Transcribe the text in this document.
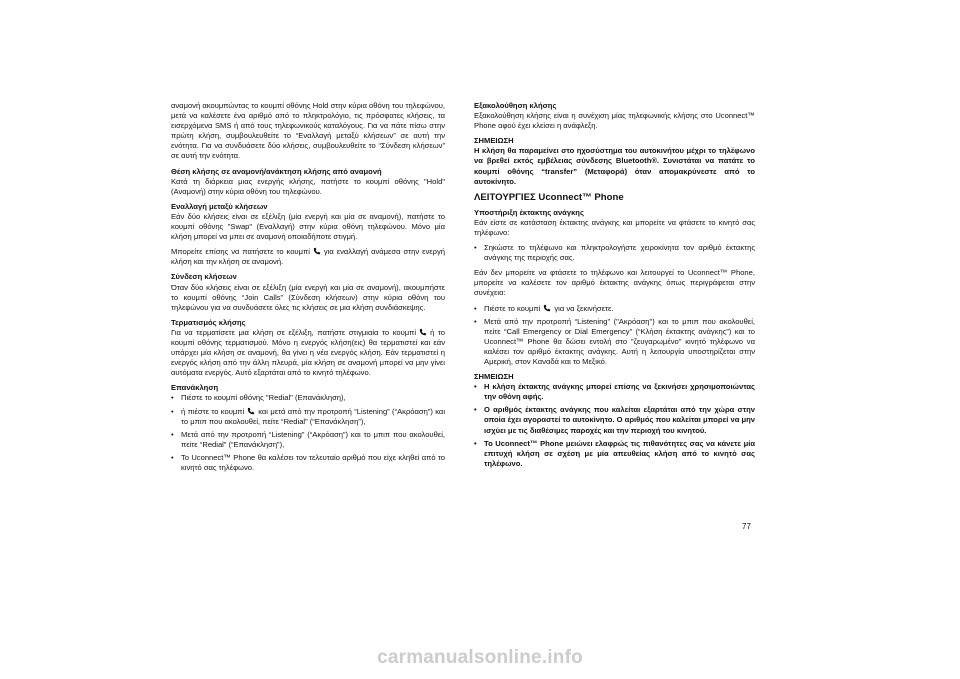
αναμονή ακουμπώντας το κουμπί οθόνης Hold στην κύρια οθόνη του τηλεφώνου, μετά να καλέσετε ένα αριθμό από το πληκτρολόγιο, τις πρόσφατες κλήσεις, τα εισερχόμενα SMS ή από τους τηλεφωνικούς καταλόγους. Για να πάτε πίσω στην πρώτη κλήση, συμβουλευθείτε το “Εναλλαγή μεταξύ κλήσεων” σε αυτή την ενότητα. Για να συνδυάσετε δύο κλήσεις, συμβουλευθείτε το “Σύνδεση κλήσεων” σε αυτή την ενότητα.

Θέση κλήσης σε αναμονή/ανάκτηση κλήσης από αναμονή

Κατά τη διάρκεια μιας ενεργής κλήσης, πατήστε το κουμπί οθόνης "Hold" (Αναμονή) στην κύρια οθόνη του τηλεφώνου.

Εναλλαγή μεταξύ κλήσεων

Εάν δύο κλήσεις είναι σε εξέλιξη (μία ενεργή και μία σε αναμονή), πατήστε το κουμπί οθόνης "Swap" (Εναλλαγή) στην κύρια οθόνη τηλεφώνου. Μόνο μία κλήση μπορεί να μπει σε αναμονή οποιαδήποτε στιγμή.

Μπορείτε επίσης να πατήσετε το κουμπί για εναλλαγή ανάμεσα στην ενεργή κλήση και την κλήση σε αναμονή.

Σύνδεση κλήσεων

Όταν δύο κλήσεις είναι σε εξέλιξη (μία ενεργή και μία σε αναμονή), ακουμπήστε το κουμπί οθόνης “Join Calls” (Σύνδεση κλήσεων) στην κύρια οθόνη του τηλεφώνου για να συνδυάσετε όλες τις κλήσεις σε μια κλήση συνδιάσκεψης.

Τερματισμός κλήσης

Για να τερματίσετε μια κλήση σε εξέλιξη, πατήστε στιγμιαία το κουμπί ή το κουμπί οθόνης τερματισμού. Μόνο η ενεργός κλήση(εις) θα τερματιστεί και εάν υπάρχει μία κλήση σε αναμονή, θα γίνει η νέα ενεργός κλήση. Εάν τερματιστεί η ενεργός κλήση από την άλλη πλευρά, μία κλήση σε αναμονή μπορεί να μην γίνει αυτόματα ενεργός. Αυτό εξαρτάται από το κινητό τηλέφωνο.

Επανάκληση
• Πιέστε το κουμπί οθόνης "Redial" (Επανάκληση),
• ή πιέστε το κουμπί και μετά από την προτροπή “Listening” (“Ακρόαση”) και το μπιπ που ακολουθεί, πείτε “Redial” (“Επανάκληση”),
• Μετά από την προτροπή “Listening” (“Ακρόαση”) και το μπιπ που ακολουθεί, πείτε “Redial” (“Επανάκληση”),
• Το Uconnect™ Phone θα καλέσει τον τελευταίο αριθμό που είχε κληθεί από το κινητό σας τηλέφωνο.
Εξακολούθηση κλήσης

Εξακολούθηση κλήσης είναι η συνέχιση μίας τηλεφωνικής κλήσης στο Uconnect™ Phone αφού έχει κλείσει η ανάφλεξη.

ΣΗΜΕΙΩΣΗ

Η κλήση θα παραμείνει στο ηχοσύστημα του αυτοκινήτου μέχρι το τηλέφωνο να βρεθεί εκτός εμβέλειας σύνδεσης Bluetooth®. Συνιστάται να πατάτε το κουμπί οθόνης “transfer” (Μεταφορά) όταν απομακρύνεστε από το αυτοκίνητο.

ΛΕΙΤΟΥΡΓΙΕΣ Uconnect™ Phone
Υποστήριξη έκτακτης ανάγκης

Εάν είστε σε κατάσταση έκτακτης ανάγκης και μπορείτε να φτάσετε το κινητό σας τηλέφωνο:

• Σηκώστε το τηλέφωνο και πληκτρολογήστε χειροκίνητα τον αριθμό έκτακτης ανάγκης της περιοχής σας.

Εάν δεν μπορείτε να φτάσετε το τηλέφωνο και λειτουργεί το Uconnect™ Phone, μπορείτε να καλέσετε τον αριθμό έκτακτης ανάγκης όπως περιγράφεται στην συνέχεια:

• Πιέστε το κουμπί για να ξεκινήσετε.
• Μετά από την προτροπή “Listening” ("Ακρόαση") και το μπιπ που ακολουθεί, πείτε “Call Emergency or Dial Emergency” (“Κλήση έκτακτης ανάγκης”) και το Uconnect™ Phone θα δώσει εντολή στο "ζευγαρωμένο" κινητό τηλέφωνο να καλέσει τον αριθμό έκτακτης ανάγκης. Αυτή η λειτουργία υποστηρίζεται στην Αμερική, στον Καναδά και το Μεξικό.
ΣΗΜΕΙΩΣΗ
• Η κλήση έκτακτης ανάγκης μπορεί επίσης να ξεκινήσει χρησιμοποιώντας την οθόνη αφής.
• Ο αριθμός έκτακτης ανάγκης που καλείται εξαρτάται από την χώρα στην οποία έχει αγοραστεί το αυτοκίνητο. Ο αριθμός που καλείται μπορεί να μην ισχύει με τις διαθέσιμες παροχές και την περιοχή του κινητού.
• Το Uconnect™ Phone μειώνει ελαφρώς τις πιθανότητες σας να κάνετε μία επιτυχή κλήση σε σχέση με μία απευθείας κλήση από το κινητό σας τηλέφωνο.
77
carmanualsonline.info
